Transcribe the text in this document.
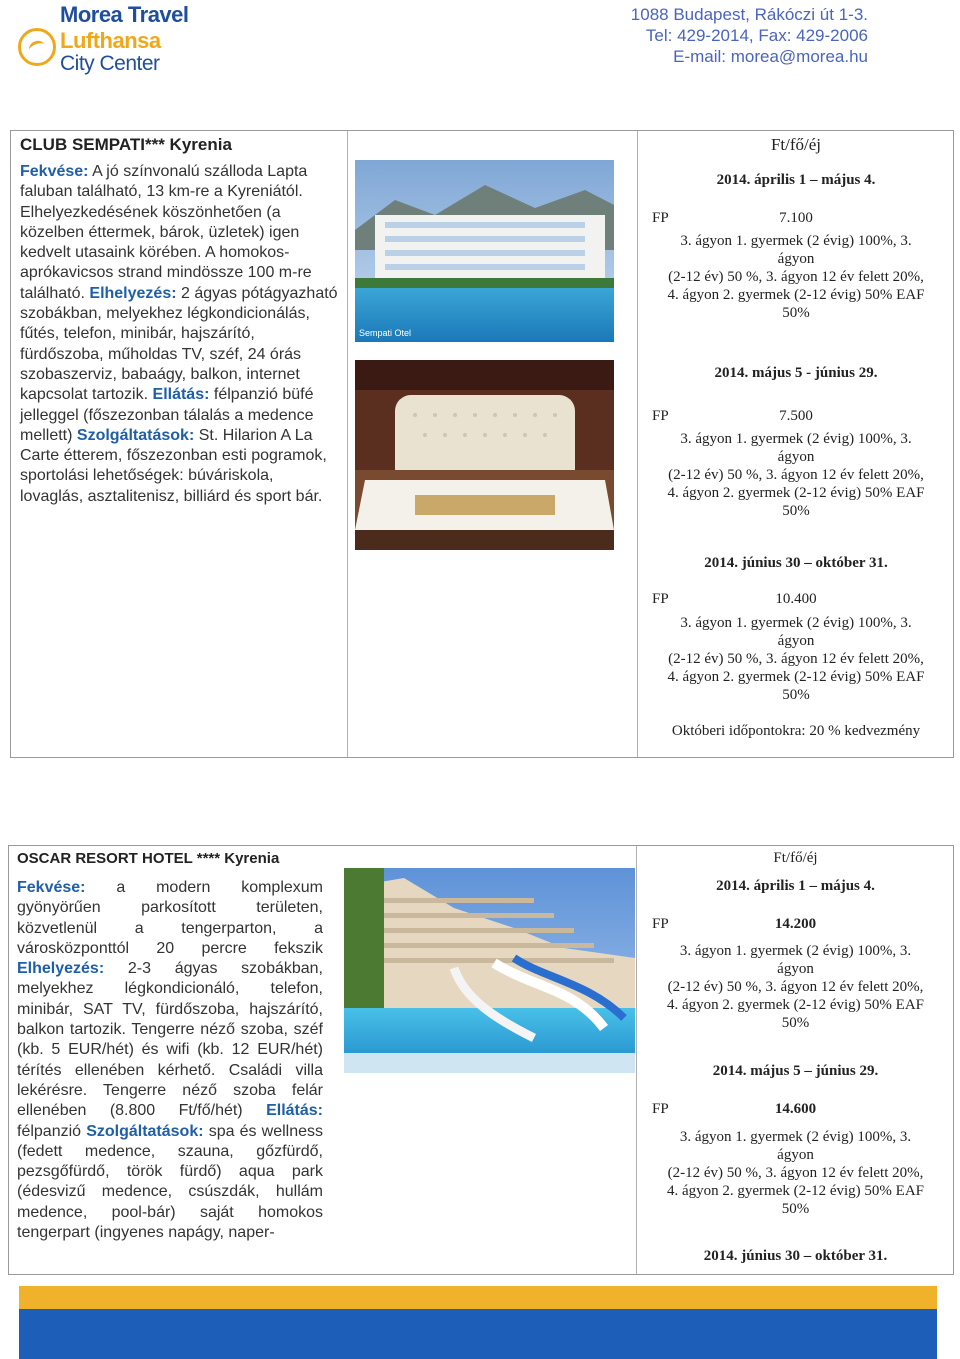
Morea Travel
Lufthansa
City Center
1088 Budapest, Rákóczi út 1-3.
Tel: 429-2014, Fax: 429-2006
E-mail: morea@morea.hu
CLUB SEMPATI*** Kyrenia
Fekvése: A jó színvonalú szálloda Lapta faluban található, 13 km-re a Kyreniától. Elhelyezkedésének köszönhetően (a közelben éttermek, bárok, üzletek) igen kedvelt utasaink körében. A homokos-aprókavicsos strand mindössze 100 m-re található. Elhelyezés: 2 ágyas pótágyazható szobákban, melyekhez légkondicionálás, fűtés, telefon, minibár, hajszárító, fürdőszoba, műholdas TV, széf, 24 órás szobaszerviz, babaágy, balkon, internet kapcsolat tartozik. Ellátás: félpanzió büfé jelleggel (főszezonban tálalás a medence mellett) Szolgáltatások: St. Hilarion A La Carte étterem, főszezonban esti pogramok, sportolási lehetőségek: búváriskola, lovaglás, asztalitenisz, billiárd és sport bár.
Ft/fő/éj
2014. április 1 – május 4.
FP	7.100
3. ágyon 1. gyermek (2 évig) 100%, 3. ágyon
(2-12 év) 50 %, 3. ágyon 12 év felett 20%,
4. ágyon 2. gyermek (2-12 évig) 50% EAF 50%
2014. május 5 - június 29.
FP	7.500
3. ágyon 1. gyermek (2 évig) 100%, 3. ágyon
(2-12 év) 50 %, 3. ágyon 12 év felett 20%,
4. ágyon 2. gyermek (2-12 évig) 50% EAF 50%
2014. június 30 – október 31.
FP	10.400
3. ágyon 1. gyermek (2 évig) 100%, 3. ágyon
(2-12 év) 50 %, 3. ágyon 12 év felett 20%,
4. ágyon 2. gyermek (2-12 évig) 50% EAF 50%
Októberi időpontokra: 20 % kedvezmény
Sempati Otel
OSCAR RESORT HOTEL **** Kyrenia
Fekvése: a modern komplexum gyönyörűen parkosított területen, közvetlenül a tengerparton, a városközponttól 20 percre fekszik Elhelyezés: 2-3 ágyas szobákban, melyekhez légkondicionáló, telefon, minibár, SAT TV, fürdőszoba, hajszárító, balkon tartozik. Tengerre néző szoba, széf (kb. 5 EUR/hét) és wifi (kb. 12 EUR/hét) térítés ellenében kérhető. Családi villa lekérésre. Tengerre néző szoba felár ellenében (8.800 Ft/fő/hét) Ellátás: félpanzió Szolgáltatások: spa és wellness (fedett medence, szauna, gőzfürdő, pezsgőfürdő, török fürdő) aqua park (édesvizű medence, csúszdák, hullám medence, pool-bár) saját homokos tengerpart (ingyenes napágy, naper-
Ft/fő/éj
2014. április 1 – május 4.
FP	14.200
3. ágyon 1. gyermek (2 évig) 100%, 3. ágyon
(2-12 év) 50 %, 3. ágyon 12 év felett 20%,
4. ágyon 2. gyermek (2-12 évig) 50% EAF 50%
2014. május 5 – június 29.
FP	14.600
3. ágyon 1. gyermek (2 évig) 100%, 3. ágyon
(2-12 év) 50 %, 3. ágyon 12 év felett 20%,
4. ágyon 2. gyermek (2-12 évig) 50% EAF 50%
2014. június 30 – október 31.
